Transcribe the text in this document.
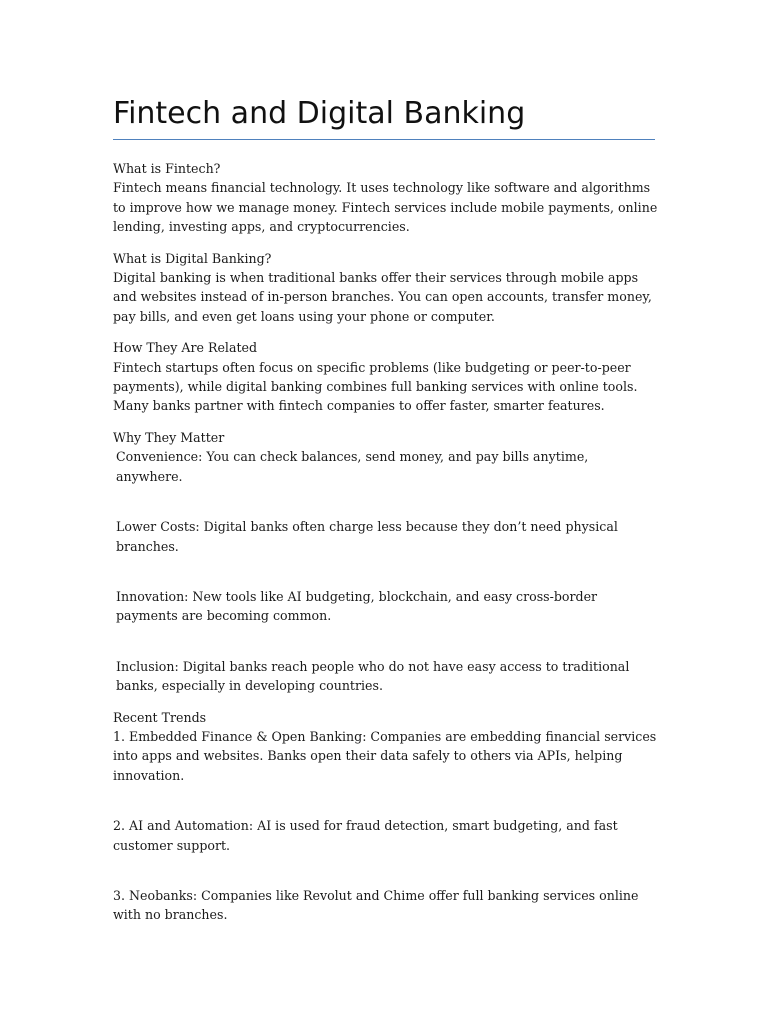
Fintech and Digital Banking

What is Fintech?

Fintech means financial technology. It uses technology like software and algorithms to improve how we manage money. Fintech services include mobile payments, online lending, investing apps, and cryptocurrencies.

What is Digital Banking?

Digital banking is when traditional banks offer their services through mobile apps and websites instead of in-person branches. You can open accounts, transfer money, pay bills, and even get loans using your phone or computer.

How They Are Related

Fintech startups often focus on specific problems (like budgeting or peer-to-peer payments), while digital banking combines full banking services with online tools. Many banks partner with fintech companies to offer faster, smarter features.

Why They Matter

Convenience: You can check balances, send money, and pay bills anytime, anywhere.

Lower Costs: Digital banks often charge less because they don’t need physical branches.

Innovation: New tools like AI budgeting, blockchain, and easy cross-border payments are becoming common.

Inclusion: Digital banks reach people who do not have easy access to traditional banks, especially in developing countries.

Recent Trends

1. Embedded Finance & Open Banking: Companies are embedding financial services into apps and websites. Banks open their data safely to others via APIs, helping innovation.

2. AI and Automation: AI is used for fraud detection, smart budgeting, and fast customer support.

3. Neobanks: Companies like Revolut and Chime offer full banking services online with no branches.
